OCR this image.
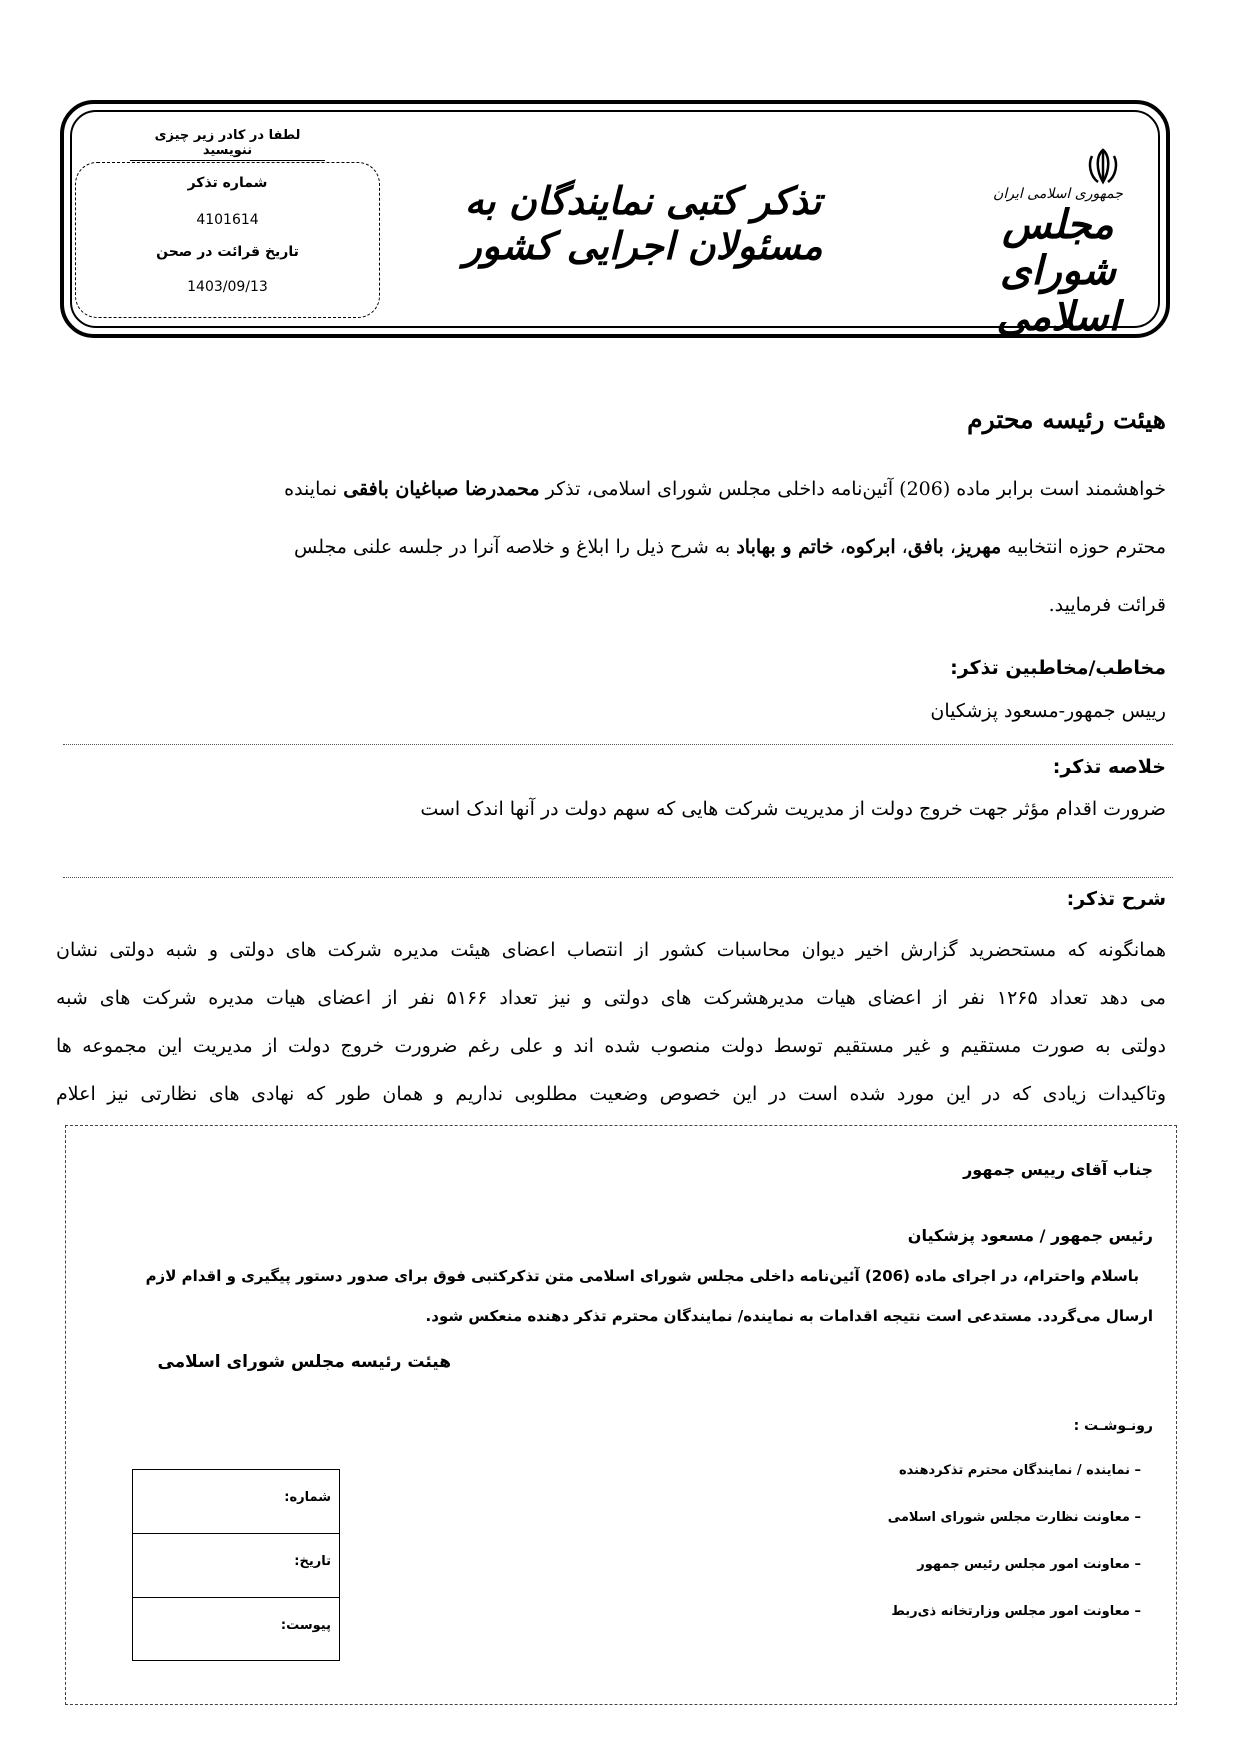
لطفا در کادر زیر چیزی ننویسید
شماره تذکر
4101614
تاریخ قرائت در صحن
1403/09/13
تذکر کتبی نمایندگان به مسئولان اجرایی کشور
جمهوری اسلامی ایران
مجلس شورای اسلامی
هیئت رئیسه محترم
خواهشمند است برابر ماده (206) آئین‌نامه داخلی مجلس شورای اسلامی، تذکر محمدرضا صباغیان بافقی نماینده
محترم حوزه انتخابیه مهریز، بافق، ابرکوه، خاتم و بهاباد به شرح ذیل را ابلاغ و خلاصه آنرا در جلسه علنی مجلس
قرائت فرمایید.
مخاطب/مخاطبین تذکر:
رییس جمهور-مسعود پزشکیان
خلاصه تذکر:
ضرورت اقدام مؤثر جهت خروج دولت از مدیریت شرکت هایی که سهم دولت در آنها اندک است
شرح تذکر:
همانگونه که مستحضرید گزارش اخیر دیوان محاسبات کشور از انتصاب اعضای هیئت مدیره شرکت های دولتی و شبه دولتی نشان
می دهد تعداد ۱۲۶۵ نفر از اعضای هیات مدیرهشرکت های دولتی و نیز تعداد ۵۱۶۶ نفر از اعضای هیات مدیره شرکت های شبه
دولتی به صورت مستقیم و غیر مستقیم توسط دولت منصوب شده اند و علی رغم ضرورت خروج دولت از مدیریت این مجموعه ها
وتاکیدات زیادی که در این مورد شده است در این خصوص وضعیت مطلوبی نداریم و همان طور که نهادی های نظارتی نیز اعلام
جناب آقای رییس جمهور
رئیس جمهور / مسعود پزشکیان
باسلام واحترام، در اجرای ماده (206) آئین‌نامه داخلی مجلس شورای اسلامی متن تذکرکتبی فوق برای صدور دستور پیگیری و اقدام لازم
ارسال می‌گردد. مستدعی است نتیجه اقدامات به نماینده/ نمایندگان محترم تذکر دهنده منعکس شود.
هیئت رئیسه مجلس شورای اسلامی
رونـوشـت :
– نماینده / نمایندگان محترم تذکردهنده
– معاونت نظارت مجلس شورای اسلامی
– معاونت امور مجلس رئیس جمهور
– معاونت امور مجلس وزارتخانه ذی‌ربط
شماره:
تاریخ:
پیوست:
